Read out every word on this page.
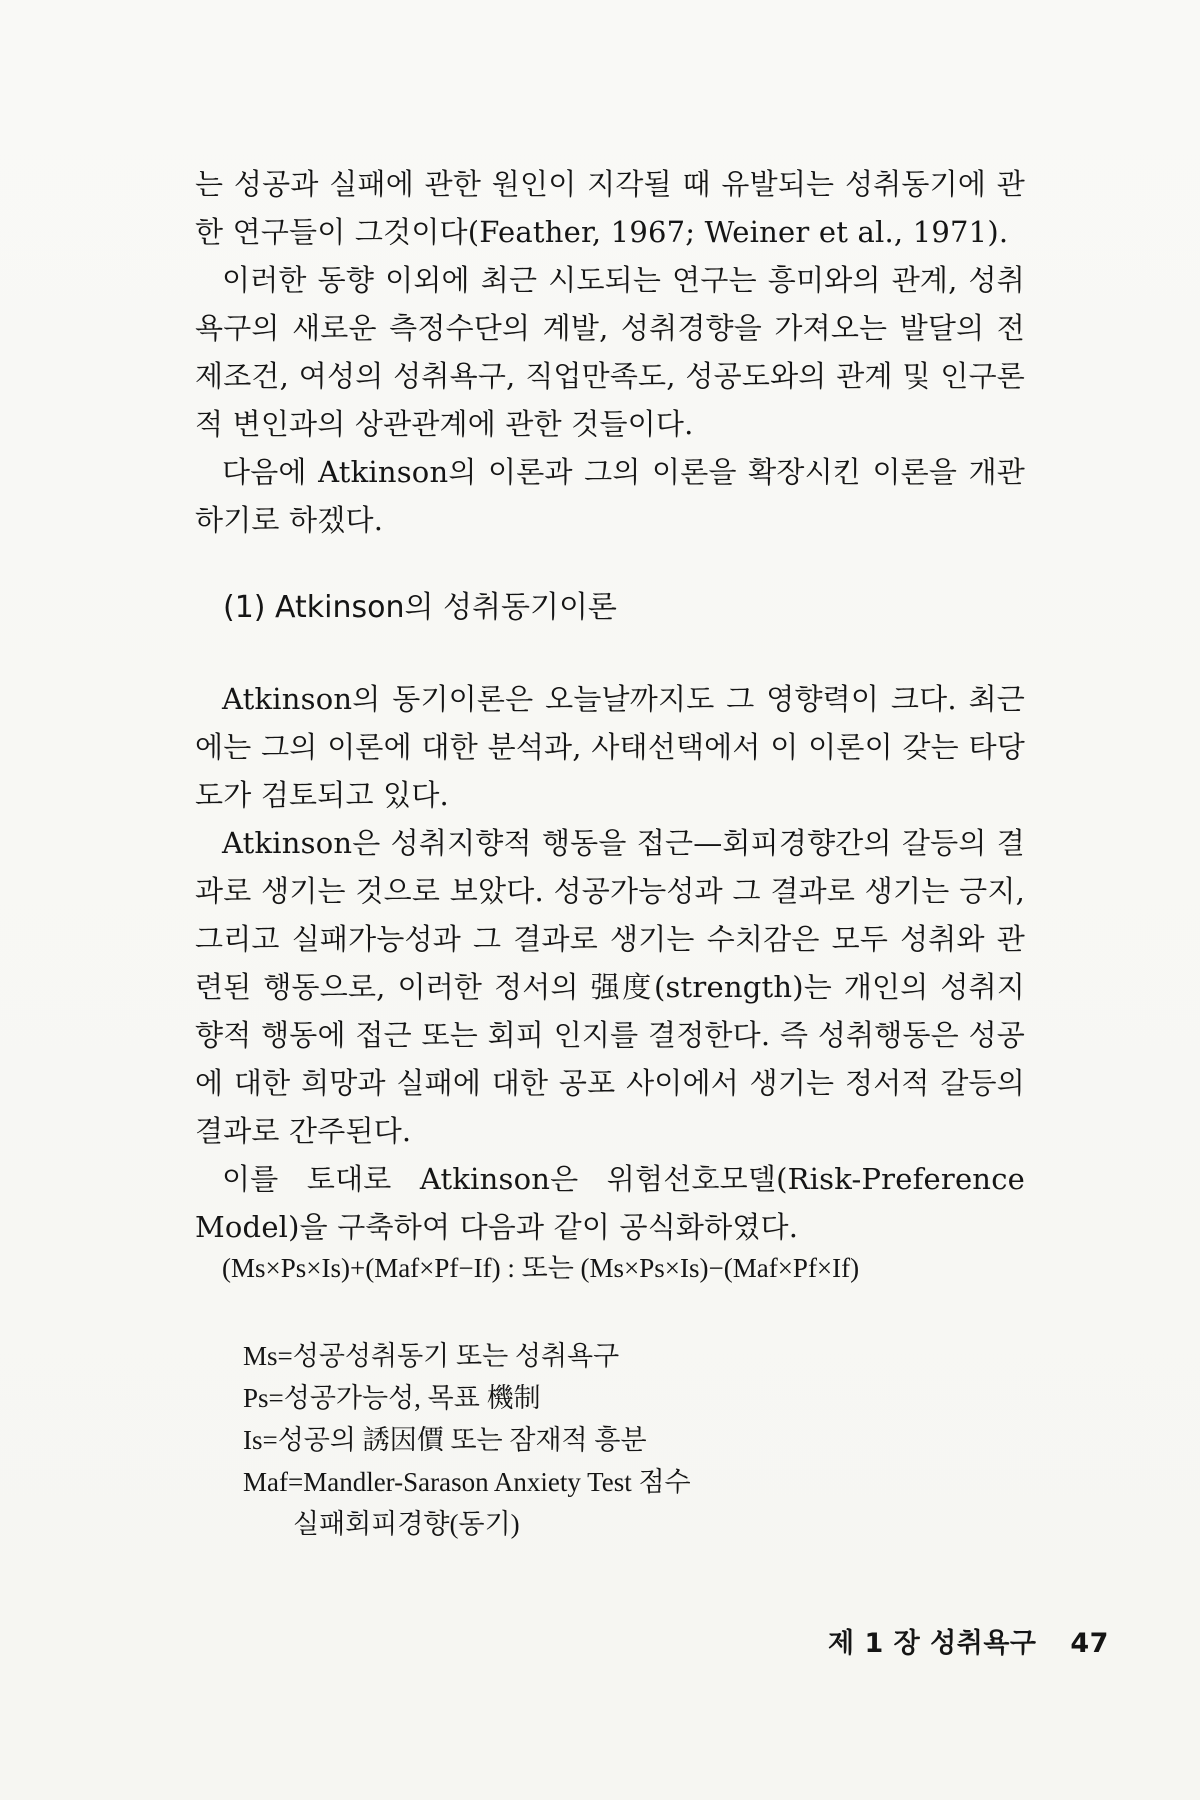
는 성공과 실패에 관한 원인이 지각될 때 유발되는 성취동기에 관한 연구들이 그것이다(Feather, 1967; Weiner et al., 1971).

이러한 동향 이외에 최근 시도되는 연구는 흥미와의 관계, 성취욕구의 새로운 측정수단의 계발, 성취경향을 가져오는 발달의 전제조건, 여성의 성취욕구, 직업만족도, 성공도와의 관계 및 인구론적 변인과의 상관관계에 관한 것들이다.

다음에 Atkinson의 이론과 그의 이론을 확장시킨 이론을 개관하기로 하겠다.

(1) Atkinson의 성취동기이론

Atkinson의 동기이론은 오늘날까지도 그 영향력이 크다. 최근에는 그의 이론에 대한 분석과, 사태선택에서 이 이론이 갖는 타당도가 검토되고 있다.

Atkinson은 성취지향적 행동을 접근—회피경향간의 갈등의 결과로 생기는 것으로 보았다. 성공가능성과 그 결과로 생기는 긍지, 그리고 실패가능성과 그 결과로 생기는 수치감은 모두 성취와 관련된 행동으로, 이러한 정서의 强度(strength)는 개인의 성취지향적 행동에 접근 또는 회피 인지를 결정한다. 즉 성취행동은 성공에 대한 희망과 실패에 대한 공포 사이에서 생기는 정서적 갈등의 결과로 간주된다.

이를 토대로 Atkinson은 위험선호모델(Risk-Preference Model)을 구축하여 다음과 같이 공식화하였다.

(Ms×Ps×Is)+(Maf×Pf−If) : 또는 (Ms×Ps×Is)−(Maf×Pf×If)
Ms=성공성취동기 또는 성취욕구
Ps=성공가능성, 목표 機制
Is=성공의 誘因價 또는 잠재적 흥분
Maf=Mandler-Sarason Anxiety Test 점수
실패회피경향(동기)
제 1 장 성취욕구 47
